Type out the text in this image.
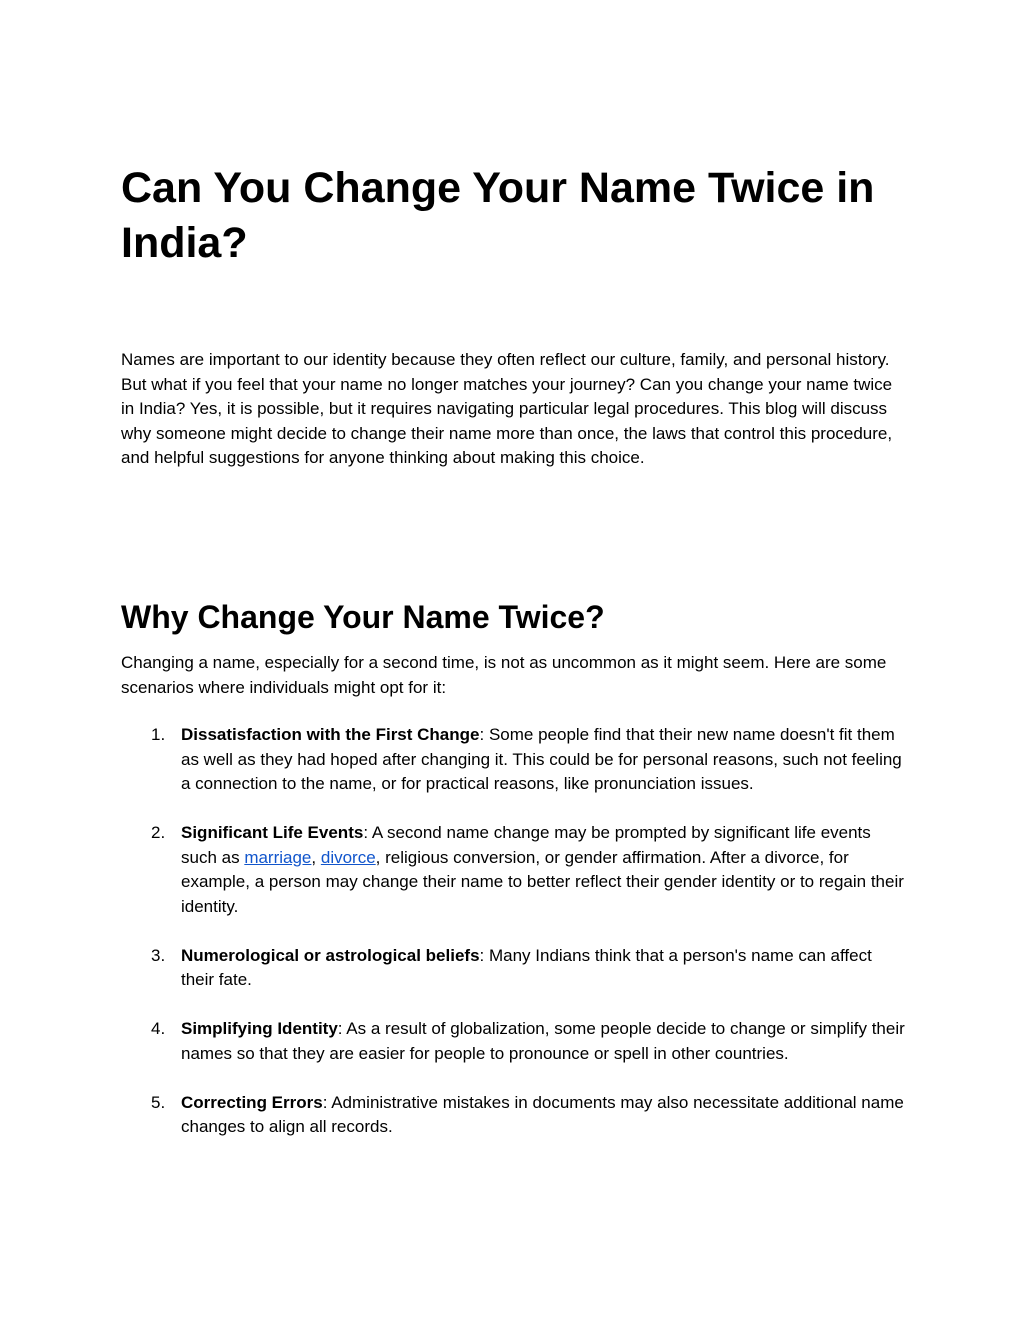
Can You Change Your Name Twice in India?

Names are important to our identity because they often reflect our culture, family, and personal history. But what if you feel that your name no longer matches your journey? Can you change your name twice in India? Yes, it is possible, but it requires navigating particular legal procedures. This blog will discuss why someone might decide to change their name more than once, the laws that control this procedure, and helpful suggestions for anyone thinking about making this choice.

Why Change Your Name Twice?

Changing a name, especially for a second time, is not as uncommon as it might seem. Here are some scenarios where individuals might opt for it:

1. Dissatisfaction with the First Change: Some people find that their new name doesn't fit them as well as they had hoped after changing it. This could be for personal reasons, such not feeling a connection to the name, or for practical reasons, like pronunciation issues.
2. Significant Life Events: A second name change may be prompted by significant life events such as marriage, divorce, religious conversion, or gender affirmation. After a divorce, for example, a person may change their name to better reflect their gender identity or to regain their identity.
3. Numerological or astrological beliefs: Many Indians think that a person's name can affect their fate.
4. Simplifying Identity: As a result of globalization, some people decide to change or simplify their names so that they are easier for people to pronounce or spell in other countries.
5. Correcting Errors: Administrative mistakes in documents may also necessitate additional name changes to align all records.
